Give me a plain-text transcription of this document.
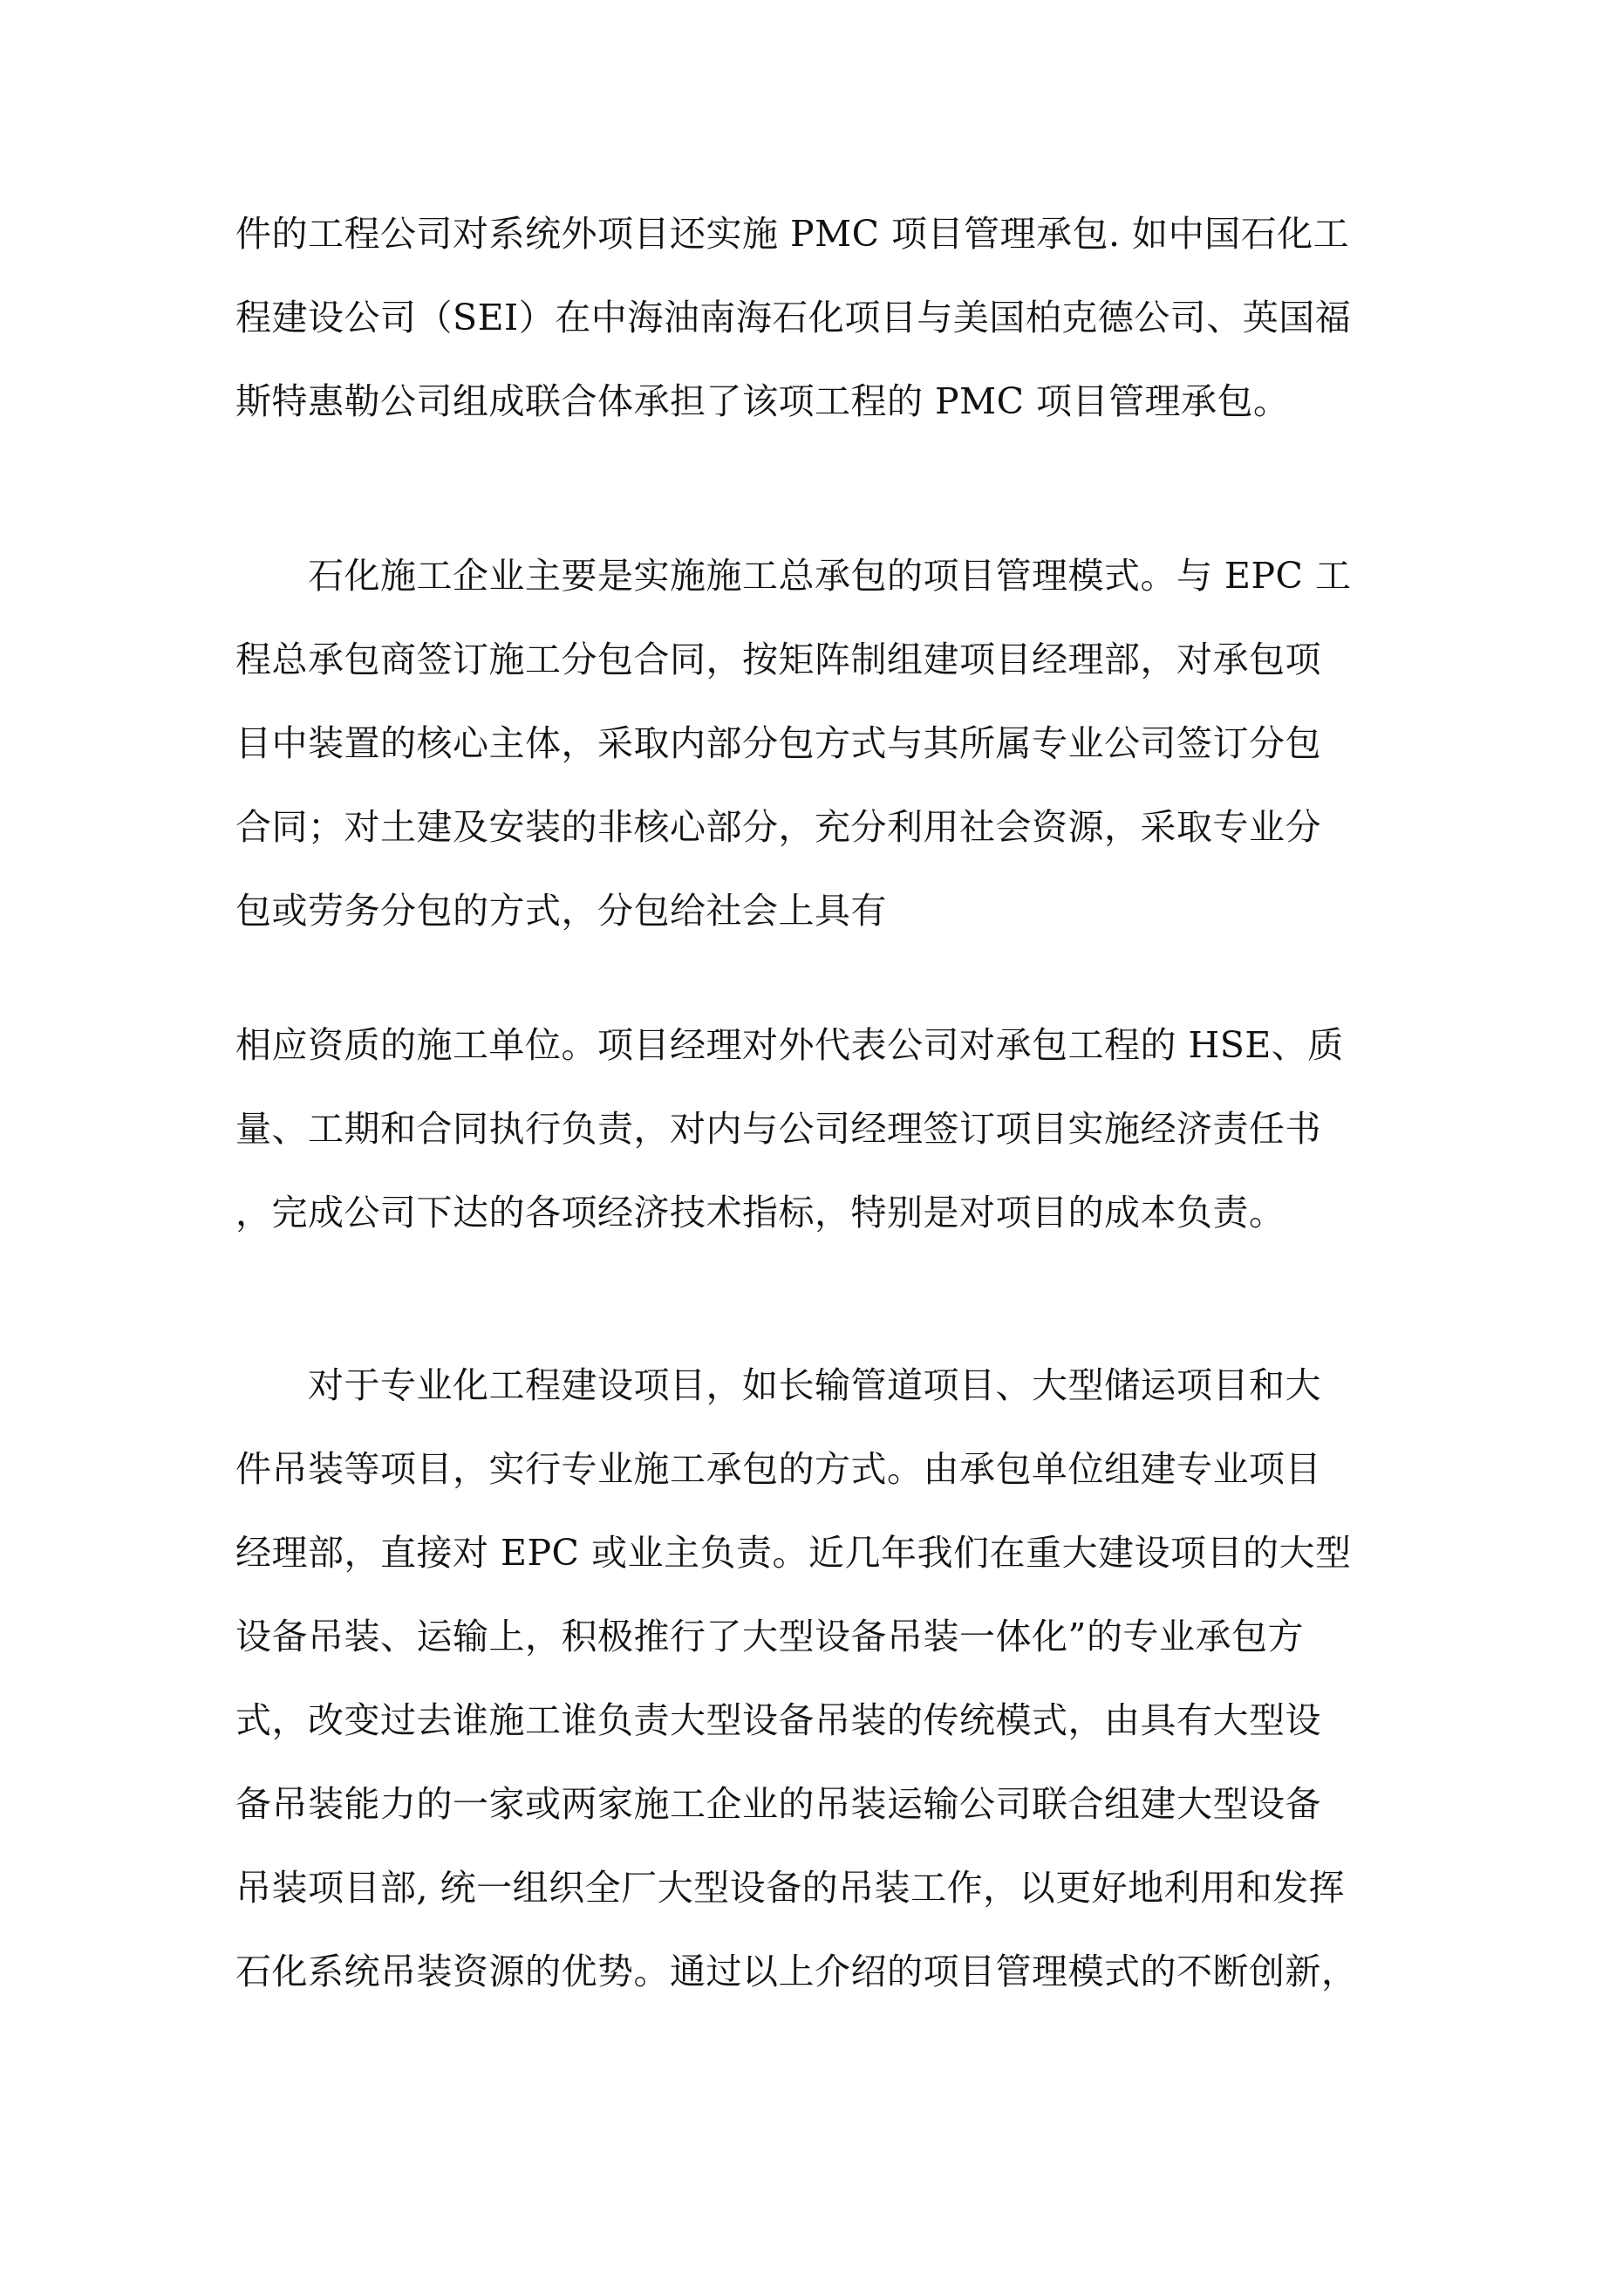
件的工程公司对系统外项目还实施 PMC 项目管理承包. 如中国石化工
程建设公司（SEI）在中海油南海石化项目与美国柏克德公司、英国福
斯特惠勒公司组成联合体承担了该项工程的 PMC 项目管理承包。
　　石化施工企业主要是实施施工总承包的项目管理模式。与 EPC 工
程总承包商签订施工分包合同，按矩阵制组建项目经理部，对承包项
目中装置的核心主体，采取内部分包方式与其所属专业公司签订分包
合同；对土建及安装的非核心部分，充分利用社会资源，采取专业分
包或劳务分包的方式，分包给社会上具有
相应资质的施工单位。项目经理对外代表公司对承包工程的 HSE、质
量、工期和合同执行负责，对内与公司经理签订项目实施经济责任书
，完成公司下达的各项经济技术指标，特别是对项目的成本负责。
　　对于专业化工程建设项目，如长输管道项目、大型储运项目和大
件吊装等项目，实行专业施工承包的方式。由承包单位组建专业项目
经理部，直接对 EPC 或业主负责。近几年我们在重大建设项目的大型
设备吊装、运输上，积极推行了大型设备吊装一体化”的专业承包方
式，改变过去谁施工谁负责大型设备吊装的传统模式，由具有大型设
备吊装能力的一家或两家施工企业的吊装运输公司联合组建大型设备
吊装项目部, 统一组织全厂大型设备的吊装工作，以更好地利用和发挥
石化系统吊装资源的优势。通过以上介绍的项目管理模式的不断创新，
